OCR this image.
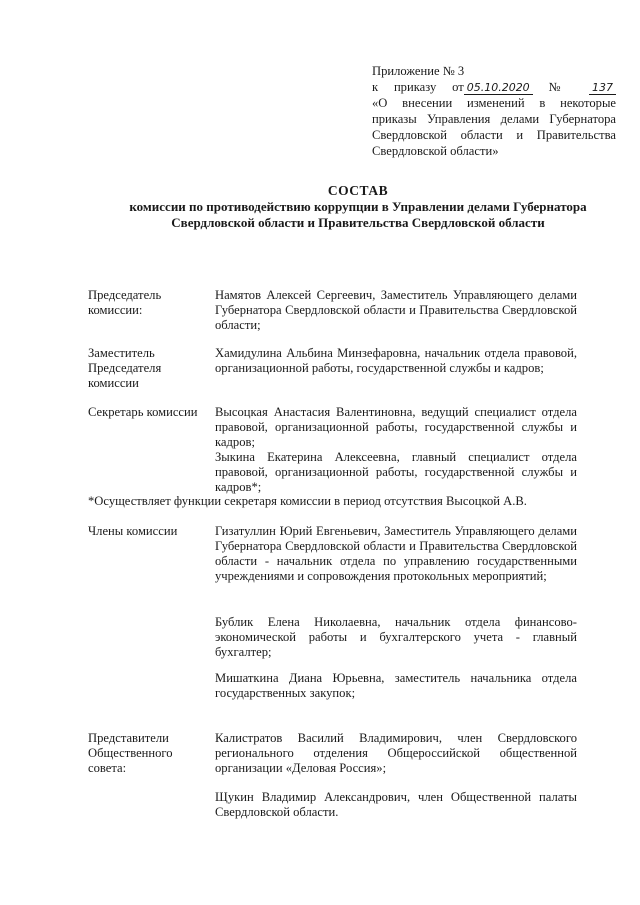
Приложение № 3
к приказу от 05.10.2020 № 137
«О внесении изменений в некоторые
приказы Управления делами Губернатора
Свердловской области и Правительства
Свердловской области»
СОСТАВ
комиссии по противодействию коррупции в Управлении делами Губернатора
Свердловской области и Правительства Свердловской области
Председатель комиссии:
Намятов Алексей Сергеевич, Заместитель Управляющего делами Губернатора Свердловской области и Правительства Свердловской области;
Заместитель Председателя комиссии
Хамидулина Альбина Минзефаровна, начальник отдела правовой, организационной работы, государственной службы и кадров;
Секретарь комиссии	Высоцкая Анастасия Валентиновна, ведущий специалист отдела правовой, организационной работы, государственной службы и кадров;
Зыкина Екатерина Алексеевна, главный специалист отдела правовой, организационной работы, государственной службы и кадров*;
*Осуществляет функции секретаря комиссии в период отсутствия Высоцкой А.В.
Члены комиссии	Гизатуллин Юрий Евгеньевич, Заместитель Управляющего делами Губернатора Свердловской области и Правительства Свердловской области - начальник отдела по управлению государственными учреждениями и сопровождения протокольных мероприятий;
Бублик Елена Николаевна, начальник отдела финансово-экономической работы и бухгалтерского учета - главный бухгалтер;
Мишаткина Диана Юрьевна, заместитель начальника отдела государственных закупок;
Представители Общественного совета:
Калистратов Василий Владимирович, член Свердловского регионального отделения Общероссийской общественной организации «Деловая Россия»;
Щукин Владимир Александрович, член Общественной палаты Свердловской области.
